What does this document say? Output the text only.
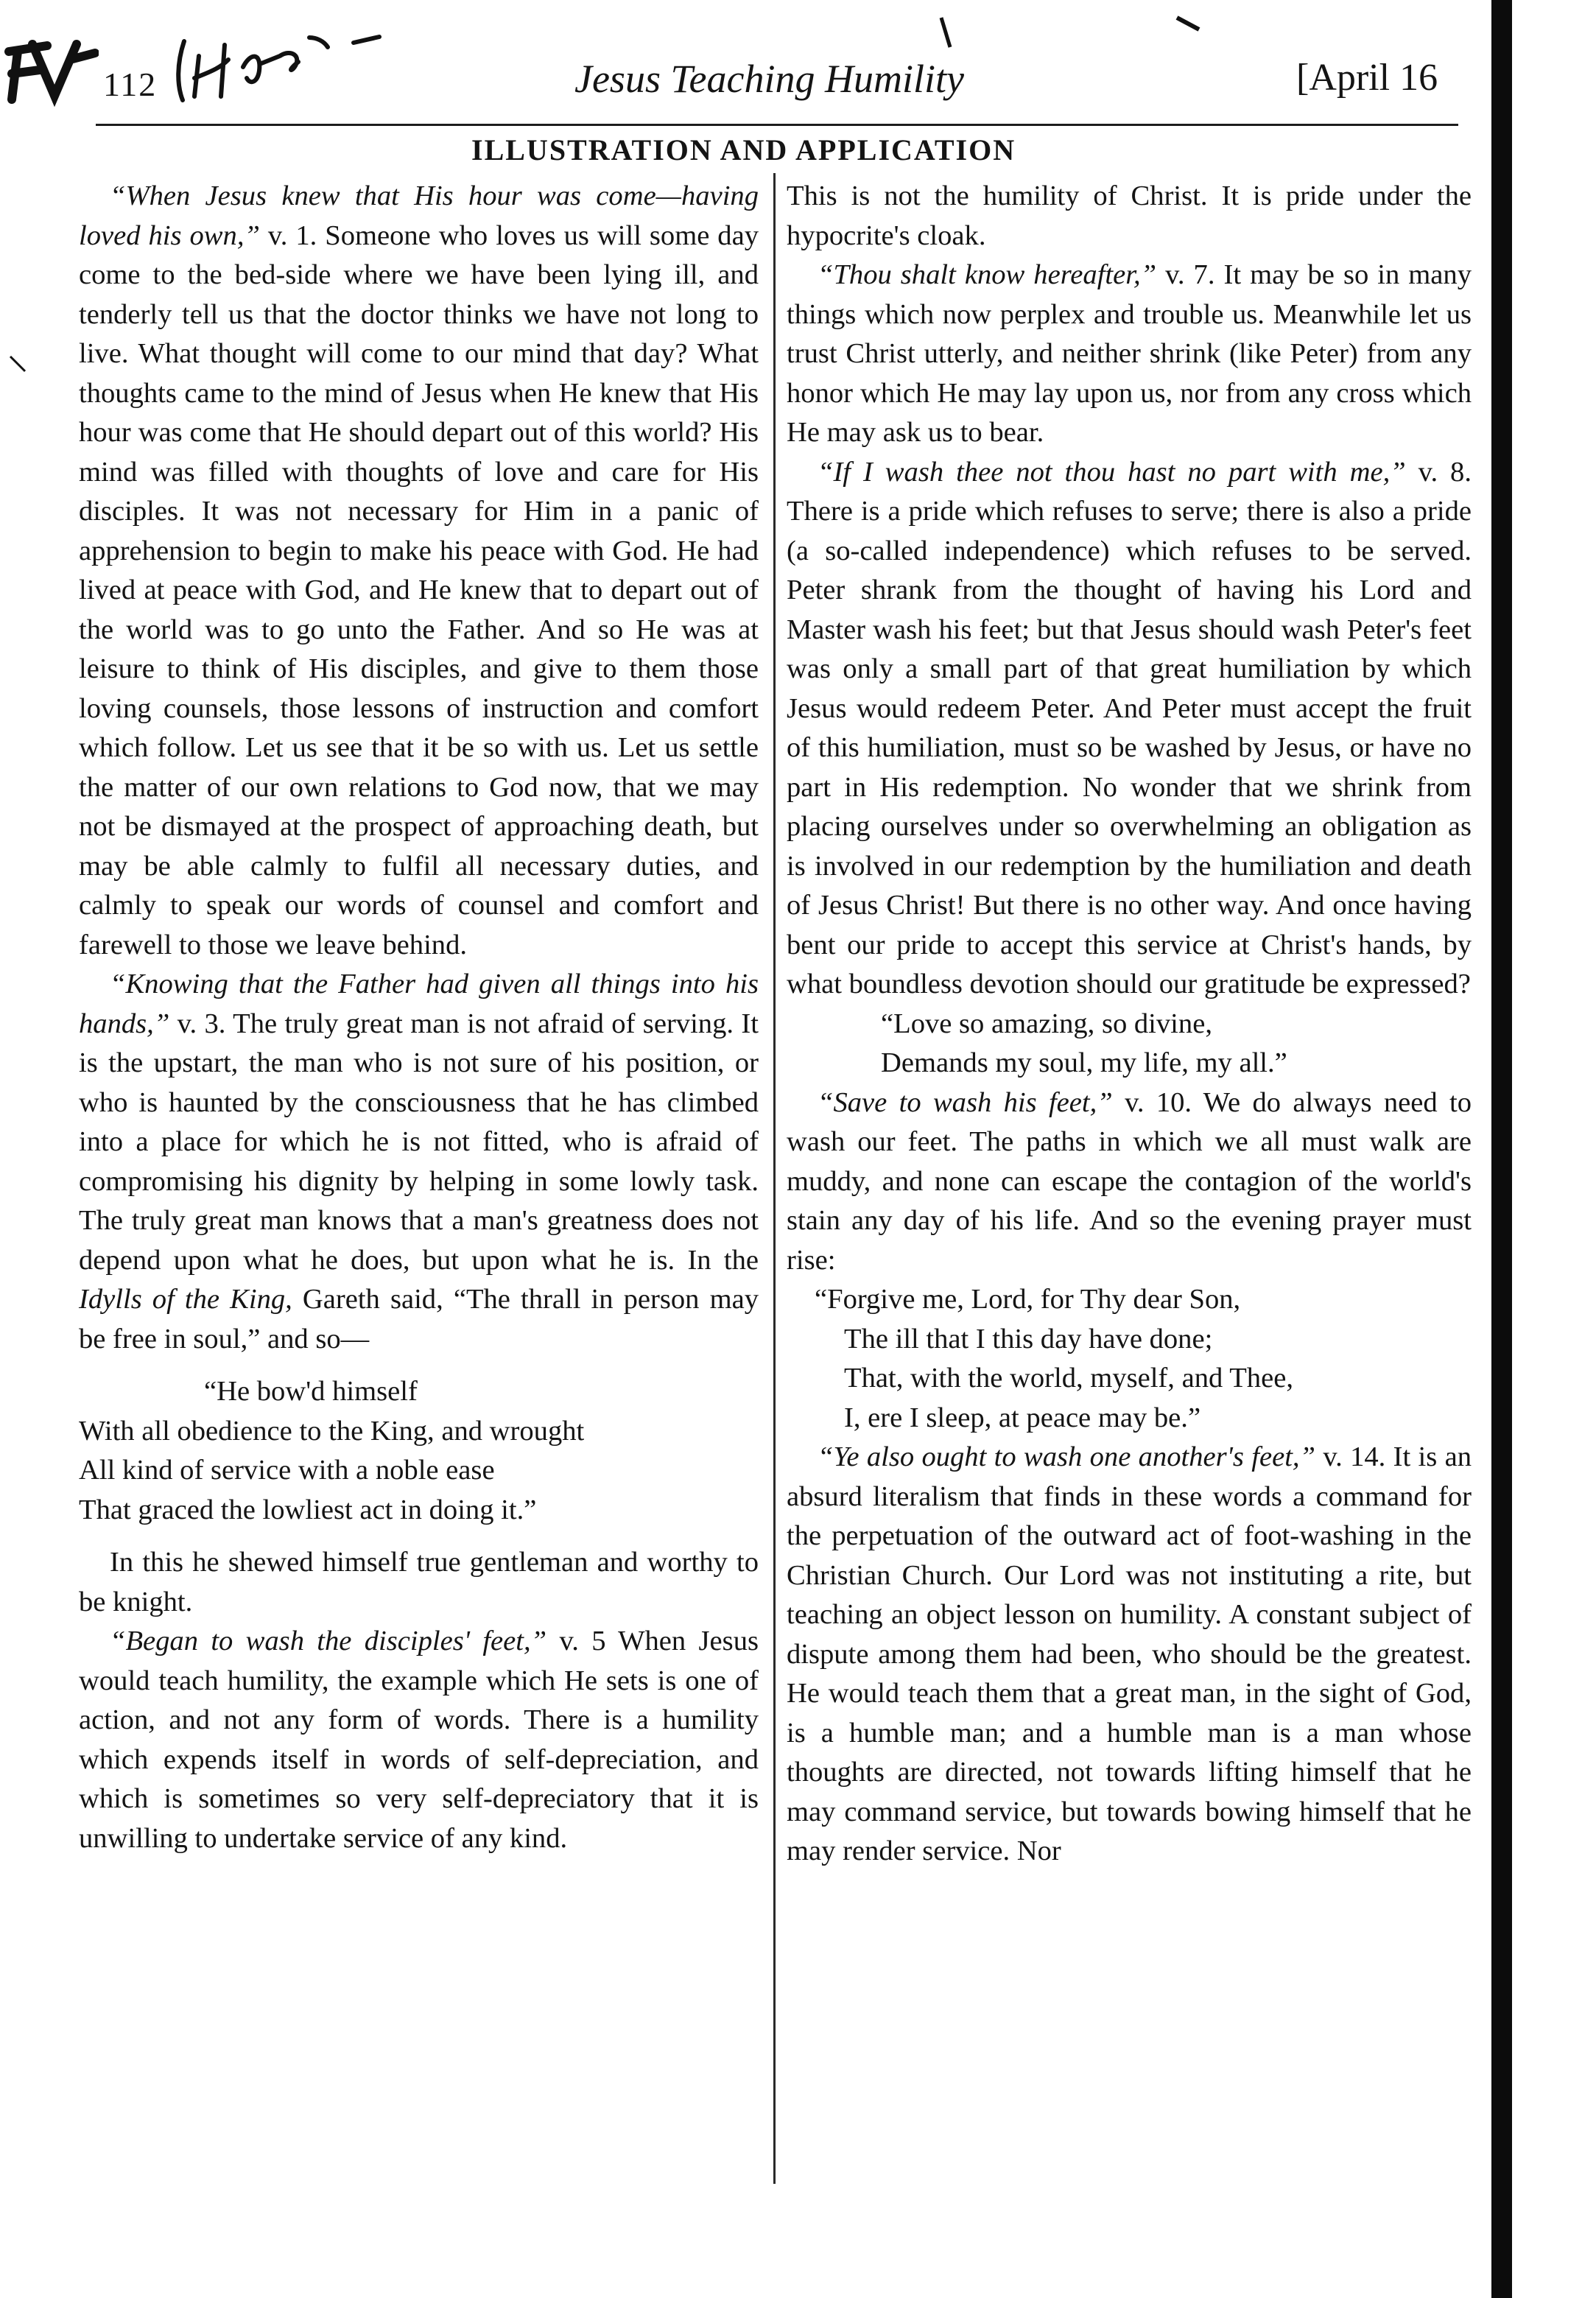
112	Jesus Teaching Humility	[April 16
ILLUSTRATION AND APPLICATION

“When Jesus knew that His hour was come—having loved his own,” v. 1. Someone who loves us will some day come to the bed-side where we have been lying ill, and tenderly tell us that the doctor thinks we have not long to live. What thought will come to our mind that day? What thoughts came to the mind of Jesus when He knew that His hour was come that He should depart out of this world? His mind was filled with thoughts of love and care for His disciples. It was not necessary for Him in a panic of apprehension to begin to make his peace with God. He had lived at peace with God, and He knew that to depart out of the world was to go unto the Father. And so He was at leisure to think of His disciples, and give to them those loving counsels, those lessons of instruction and comfort which follow. Let us see that it be so with us. Let us settle the matter of our own relations to God now, that we may not be dismayed at the prospect of approaching death, but may be able calmly to fulfil all necessary duties, and calmly to speak our words of counsel and comfort and farewell to those we leave behind.

“Knowing that the Father had given all things into his hands,” v. 3. The truly great man is not afraid of serving. It is the upstart, the man who is not sure of his position, or who is haunted by the consciousness that he has climbed into a place for which he is not fitted, who is afraid of compromising his dignity by helping in some lowly task. The truly great man knows that a man's greatness does not depend upon what he does, but upon what he is. In the Idylls of the King, Gareth said, “The thrall in person may be free in soul,” and so—

“He bow'd himself
With all obedience to the King, and wrought
All kind of service with a noble ease
That graced the lowliest act in doing it.”

In this he shewed himself true gentleman and worthy to be knight.

“Began to wash the disciples' feet,” v. 5 When Jesus would teach humility, the example which He sets is one of action, and not any form of words. There is a humility which expends itself in words of self-depreciation, and which is sometimes so very self-depreciatory that it is unwilling to undertake service of any kind.

This is not the humility of Christ. It is pride under the hypocrite's cloak.

“Thou shalt know hereafter,” v. 7. It may be so in many things which now perplex and trouble us. Meanwhile let us trust Christ utterly, and neither shrink (like Peter) from any honor which He may lay upon us, nor from any cross which He may ask us to bear.

“If I wash thee not thou hast no part with me,” v. 8. There is a pride which refuses to serve; there is also a pride (a so-called independence) which refuses to be served. Peter shrank from the thought of having his Lord and Master wash his feet; but that Jesus should wash Peter's feet was only a small part of that great humiliation by which Jesus would redeem Peter. And Peter must accept the fruit of this humiliation, must so be washed by Jesus, or have no part in His redemption. No wonder that we shrink from placing ourselves under so overwhelming an obligation as is involved in our redemption by the humiliation and death of Jesus Christ! But there is no other way. And once having bent our pride to accept this service at Christ's hands, by what boundless devotion should our gratitude be expressed?

“Love so amazing, so divine,
Demands my soul, my life, my all.”

“Save to wash his feet,” v. 10. We do always need to wash our feet. The paths in which we all must walk are muddy, and none can escape the contagion of the world's stain any day of his life. And so the evening prayer must rise:

“Forgive me, Lord, for Thy dear Son,
The ill that I this day have done;
That, with the world, myself, and Thee,
I, ere I sleep, at peace may be.”

“Ye also ought to wash one another's feet,” v. 14. It is an absurd literalism that finds in these words a command for the perpetuation of the outward act of foot-washing in the Christian Church. Our Lord was not instituting a rite, but teaching an object lesson on humility. A constant subject of dispute among them had been, who should be the greatest. He would teach them that a great man, in the sight of God, is a humble man; and a humble man is a man whose thoughts are directed, not towards lifting himself that he may command service, but towards bowing himself that he may render service. Nor
